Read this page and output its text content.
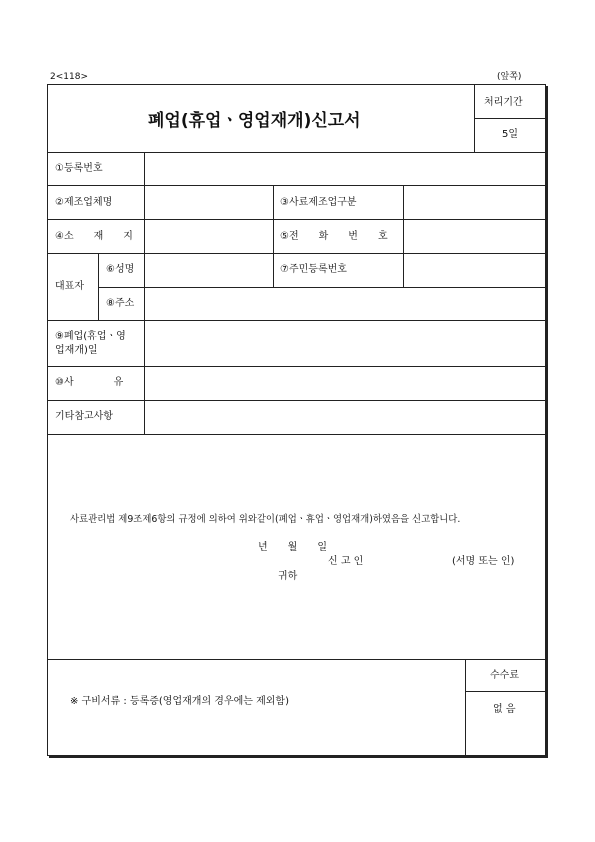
2<118>	(앞쪽)
폐업(휴업ㆍ영업재개)신고서
처리기간
5일
①등록번호
②제조업체명	③사료제조업구분
④소　　재　　지	⑤전　　화　　번　　호
대표자
⑥성명	⑦주민등록번호
⑧주소
⑨폐업(휴업ㆍ영
업재개)일
⑩사　　　　유
기타참고사항
사료관리법 제9조제6항의 규정에 의하여 위와같이(폐업ㆍ휴업ㆍ영업재개)하였음을 신고합니다.
년　　월　　일
신 고 인	(서명 또는 인)
귀하
※ 구비서류 : 등록증(영업재개의 경우에는 제외함)
수수료
없 음
